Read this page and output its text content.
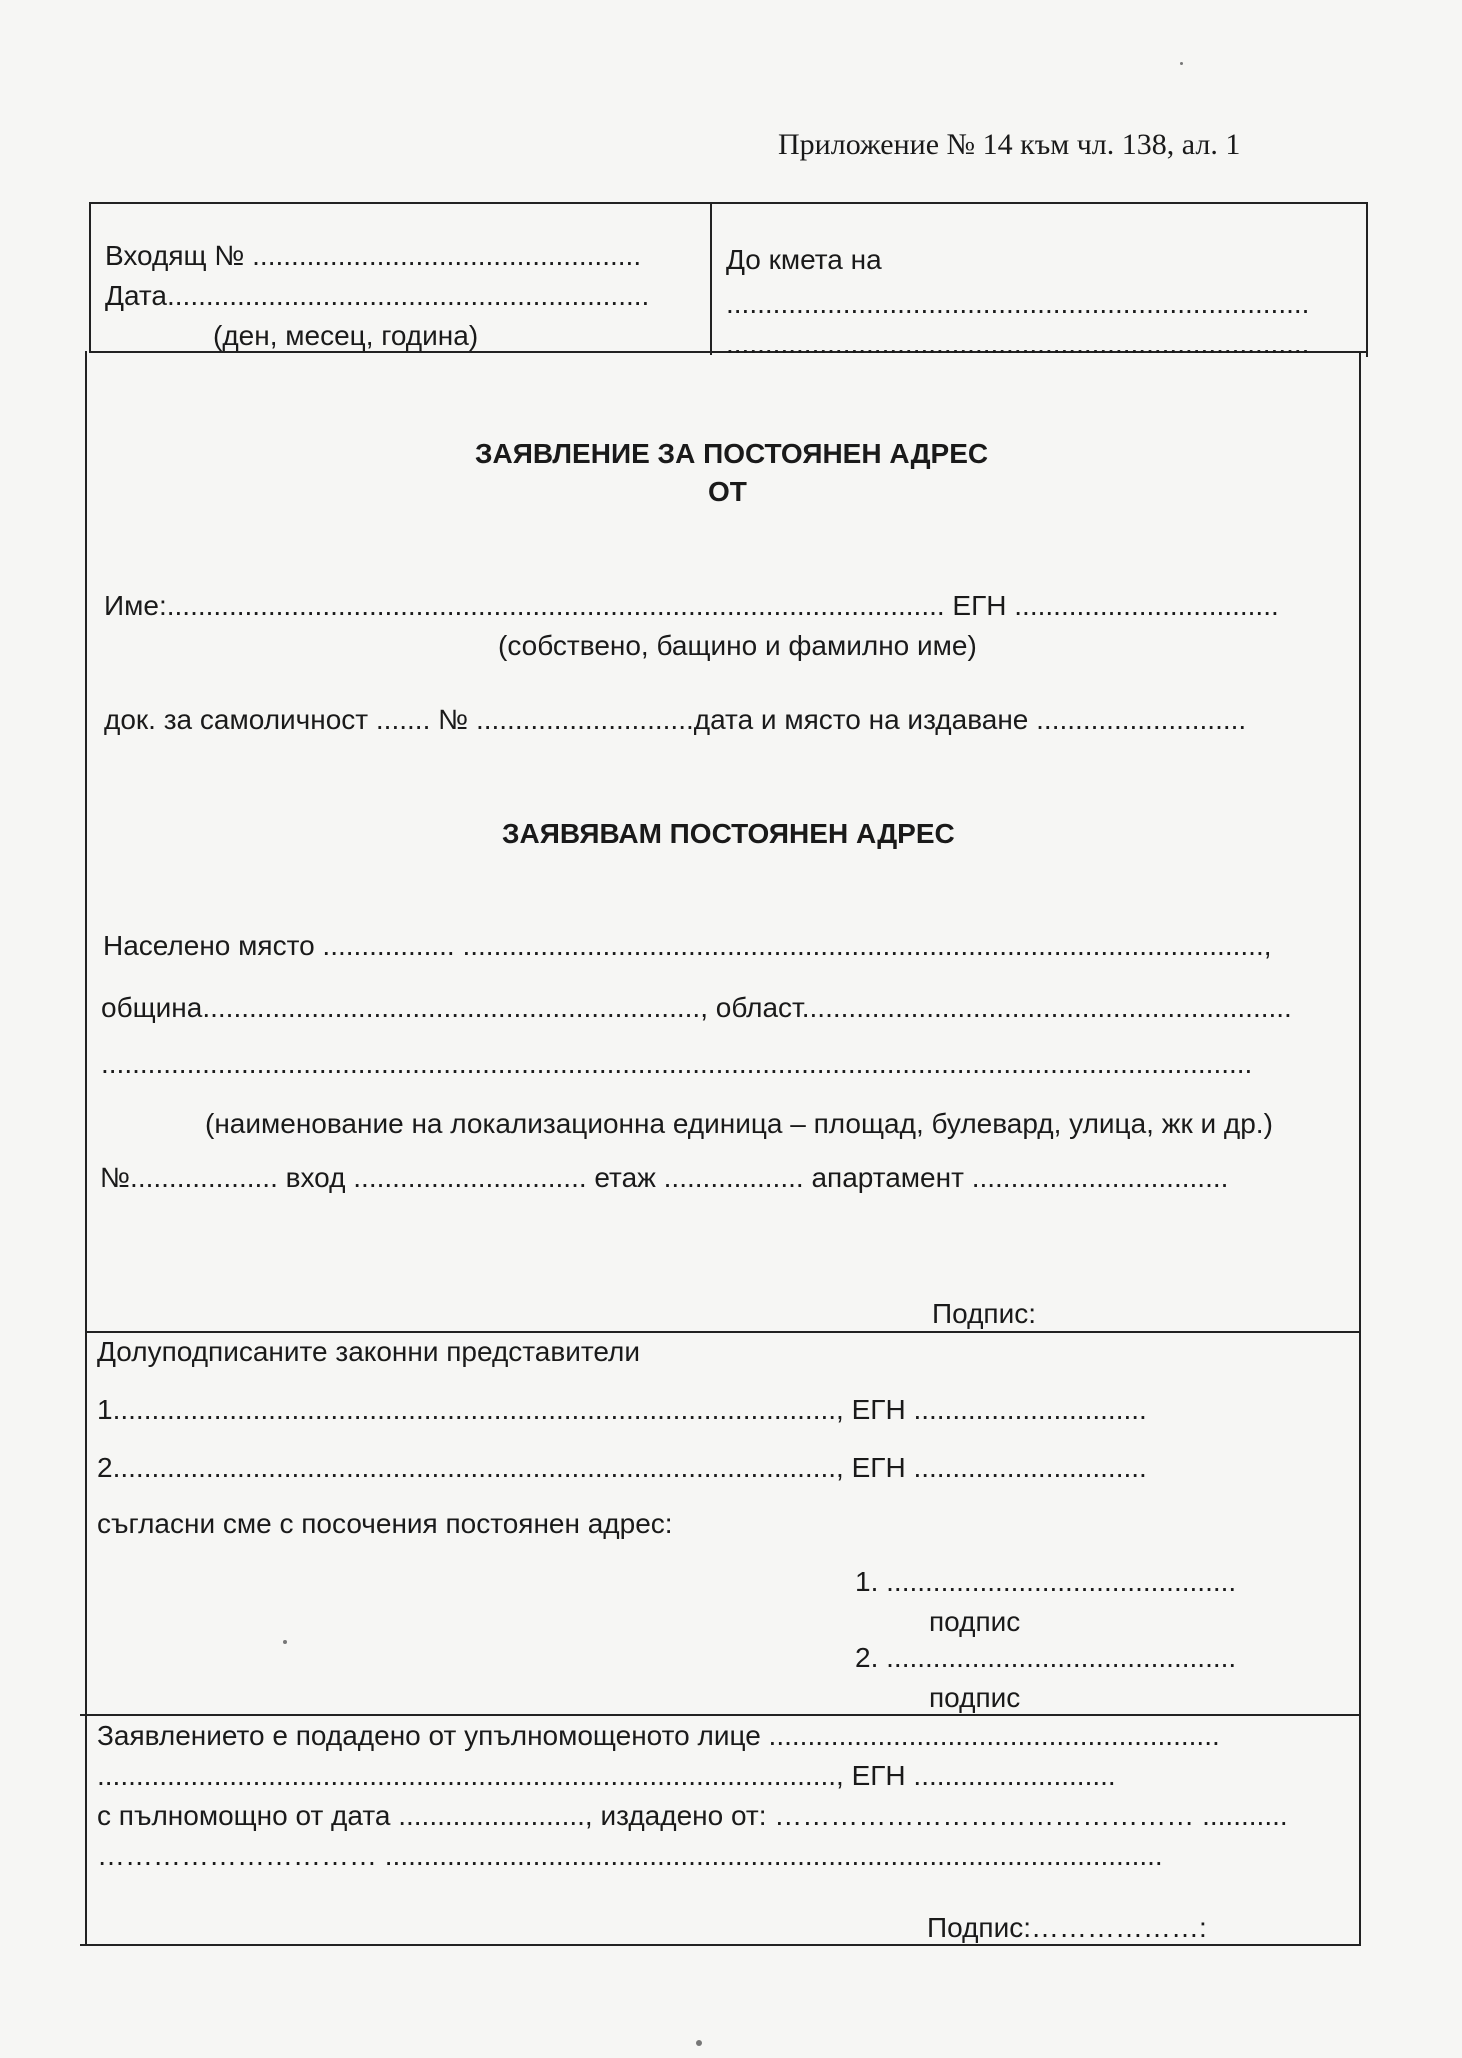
Приложение № 14 към чл. 138, ал. 1
Входящ № ..................................................
Дата..............................................................
(ден, месец, година)
До кмета на
...........................................................................
...........................................................................
ЗАЯВЛЕНИЕ ЗА ПОСТОЯНЕН АДРЕС
ОТ
Име:.................................................................................................... ЕГН ..................................
(собствено, бащино и фамилно име)
док. за самоличност ....... № ............................дата и място на издаване ...........................
ЗАЯВЯВАМ ПОСТОЯНЕН АДРЕС
Населено място ................. .......................................................................................................,
община................................................................, област...............................................................
....................................................................................................................................................
(наименование на локализационна единица – площад, булевард, улица, жк и др.)
№................... вход .............................. етаж .................. апартамент .................................
Подпис:
Долуподписаните законни представители
1............................................................................................., ЕГН ..............................
2............................................................................................., ЕГН ..............................
съгласни сме с посочения постоянен адрес:
1. .............................................
подпис
2. .............................................
подпис
Заявлението е подадено от упълномощеното лице ..........................................................
..............................................................................................., ЕГН ..........................
с пълномощно от дата ........................, издадено от: ……………………………………… ...........
………………………… ....................................................................................................
Подпис:………………:
